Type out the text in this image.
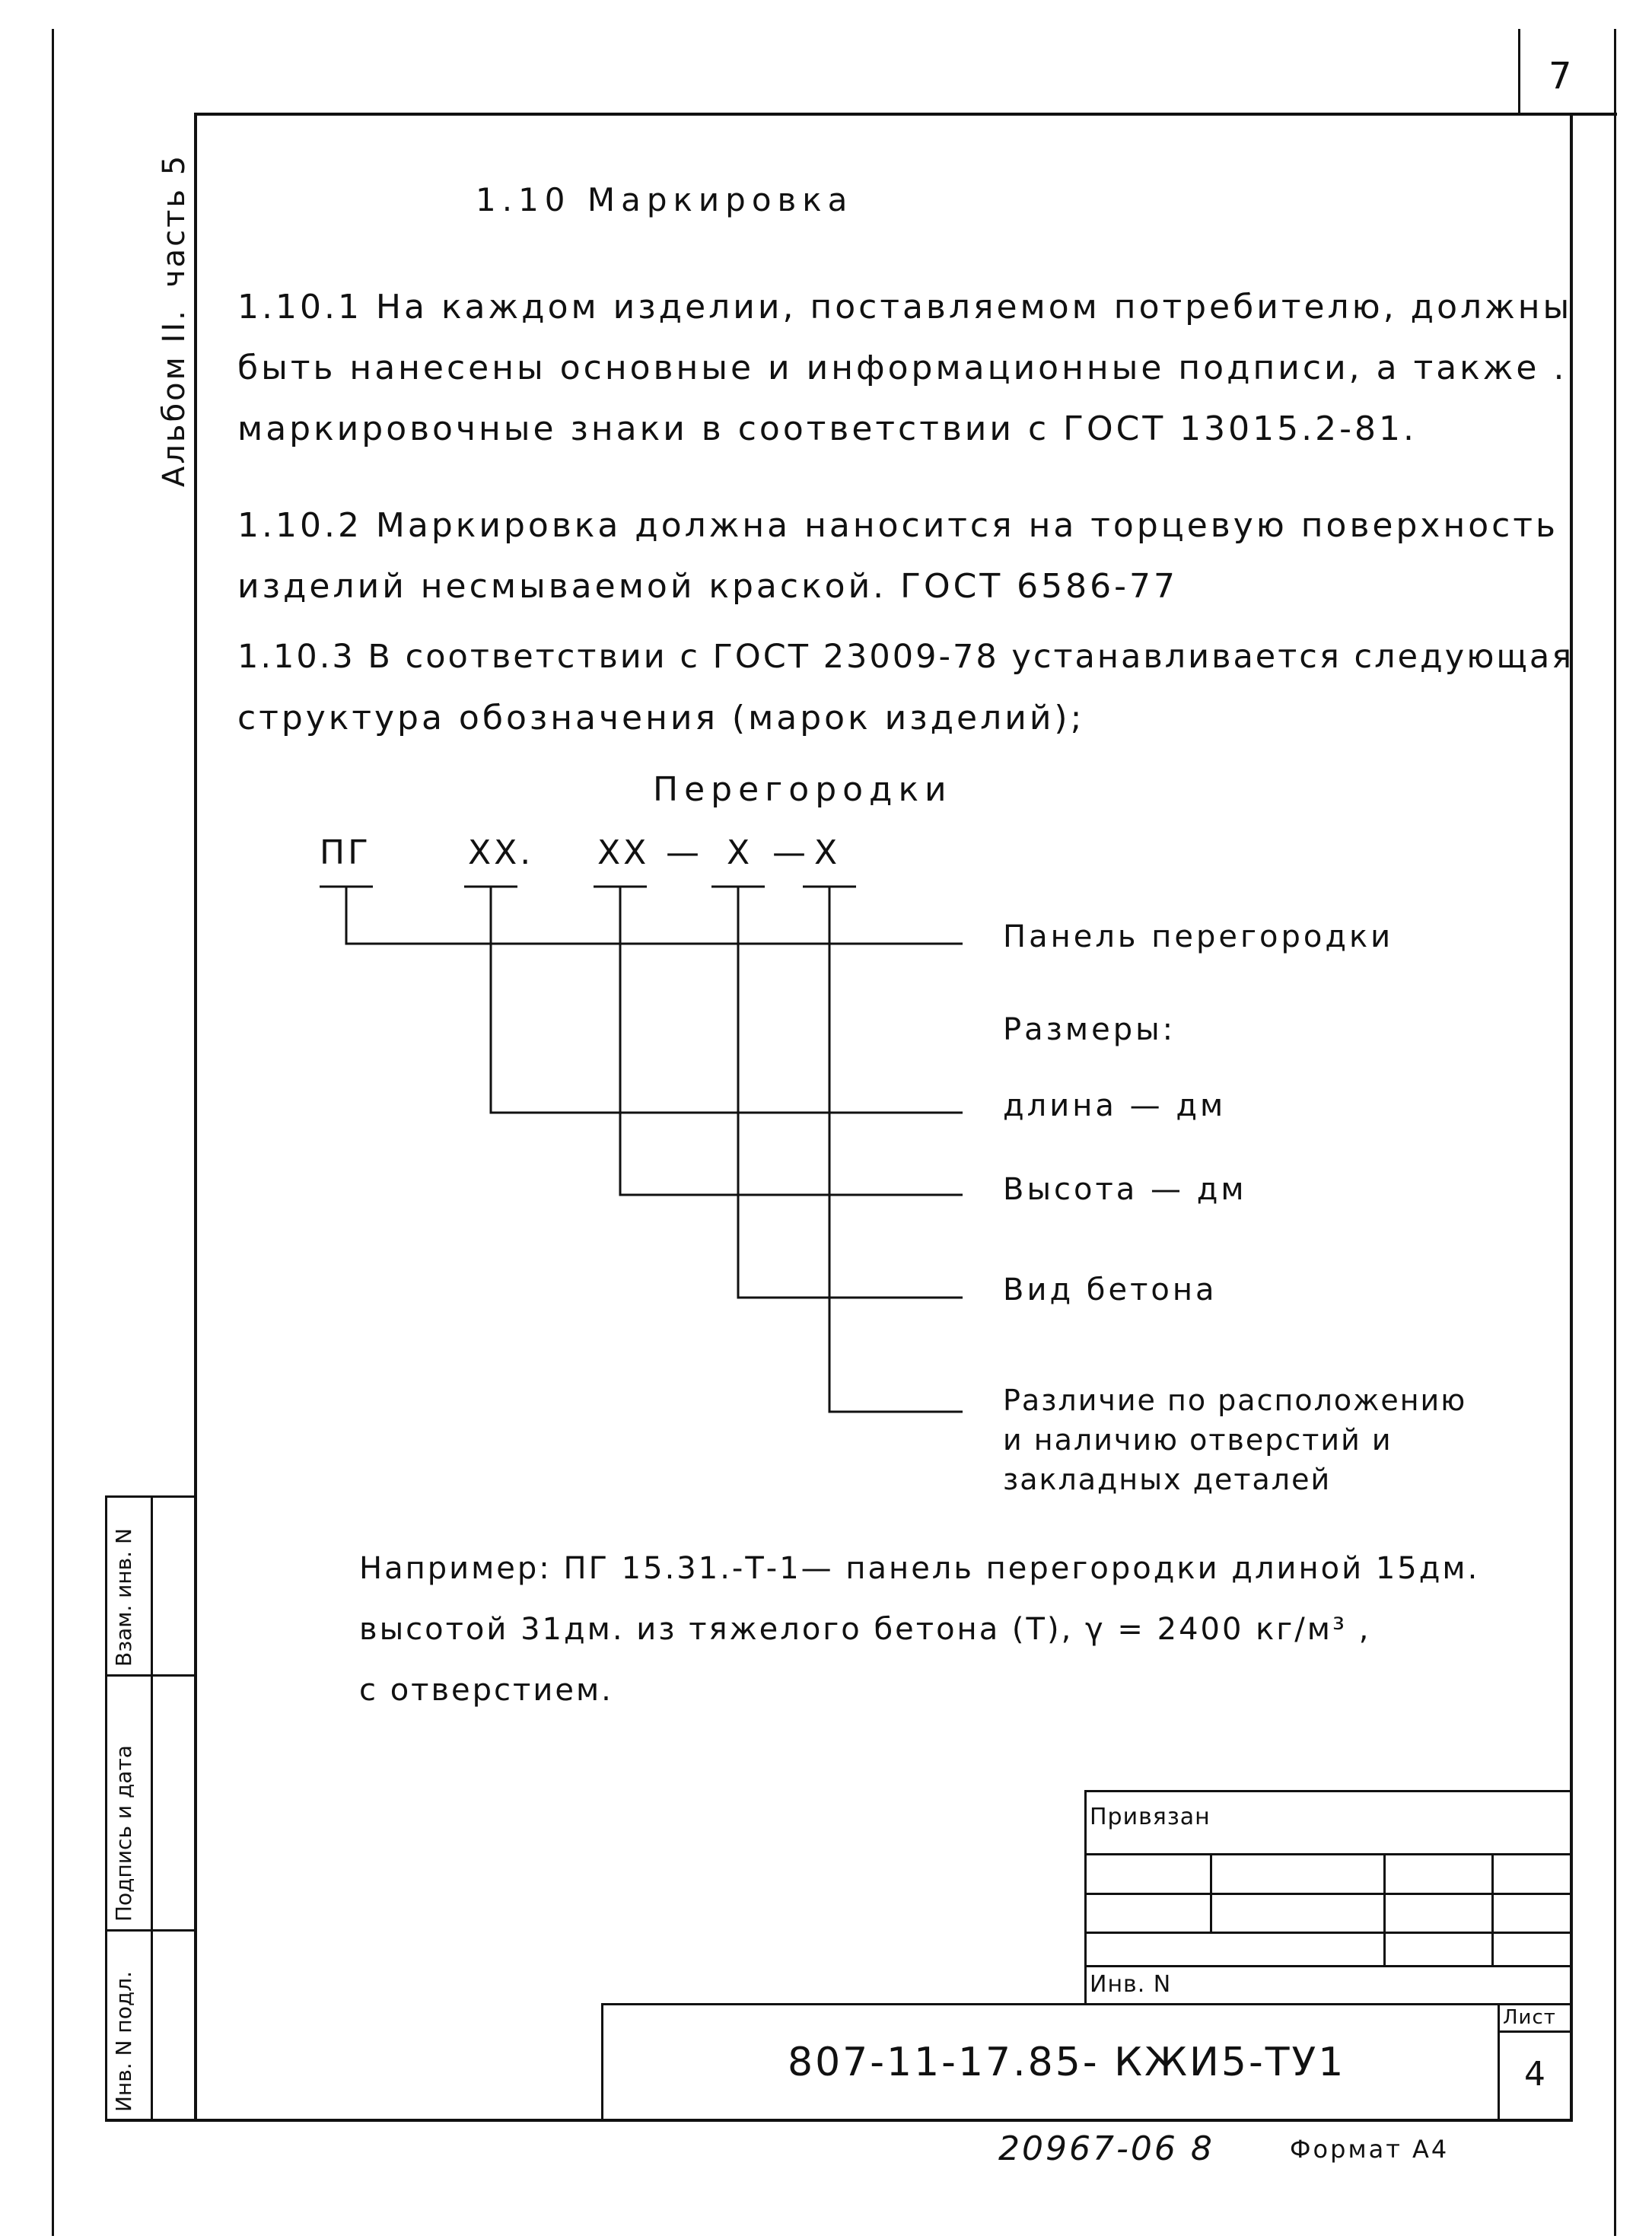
7
Альбом II.
часть 5
Взам. инв. N
Подпись и дата
Инв. N подл.
1.10 Маркировка
1.10.1 На каждом изделии, поставляемом потребителю, должны
быть нанесены основные и информационные подписи, а также .
маркировочные знаки в соответствии с ГОСТ 13015.2-81.
1.10.2 Маркировка должна наносится на торцевую поверхность
изделий несмываемой краской. ГОСТ 6586-77
1.10.3 В соответствии с ГОСТ 23009-78 устанавливается следующая
структура обозначения (марок изделий);
Перегородки
ПГ	ХХ. ХХ — Х — Х
Панель перегородки
Размеры:
длина — дм
Высота — дм
Вид бетона
Различие по расположению
и наличию отверстий и
закладных деталей
Например: ПГ 15.31.-Т-1— панель перегородки длиной 15дм.
высотой 31дм. из тяжелого бетона (Т), γ = 2400 кг/м³ ,
с отверстием.
Привязан
Инв. N
807-11-17.85- КЖИ5-ТУ1
Лист
4
20967-06 8	Формат А4
